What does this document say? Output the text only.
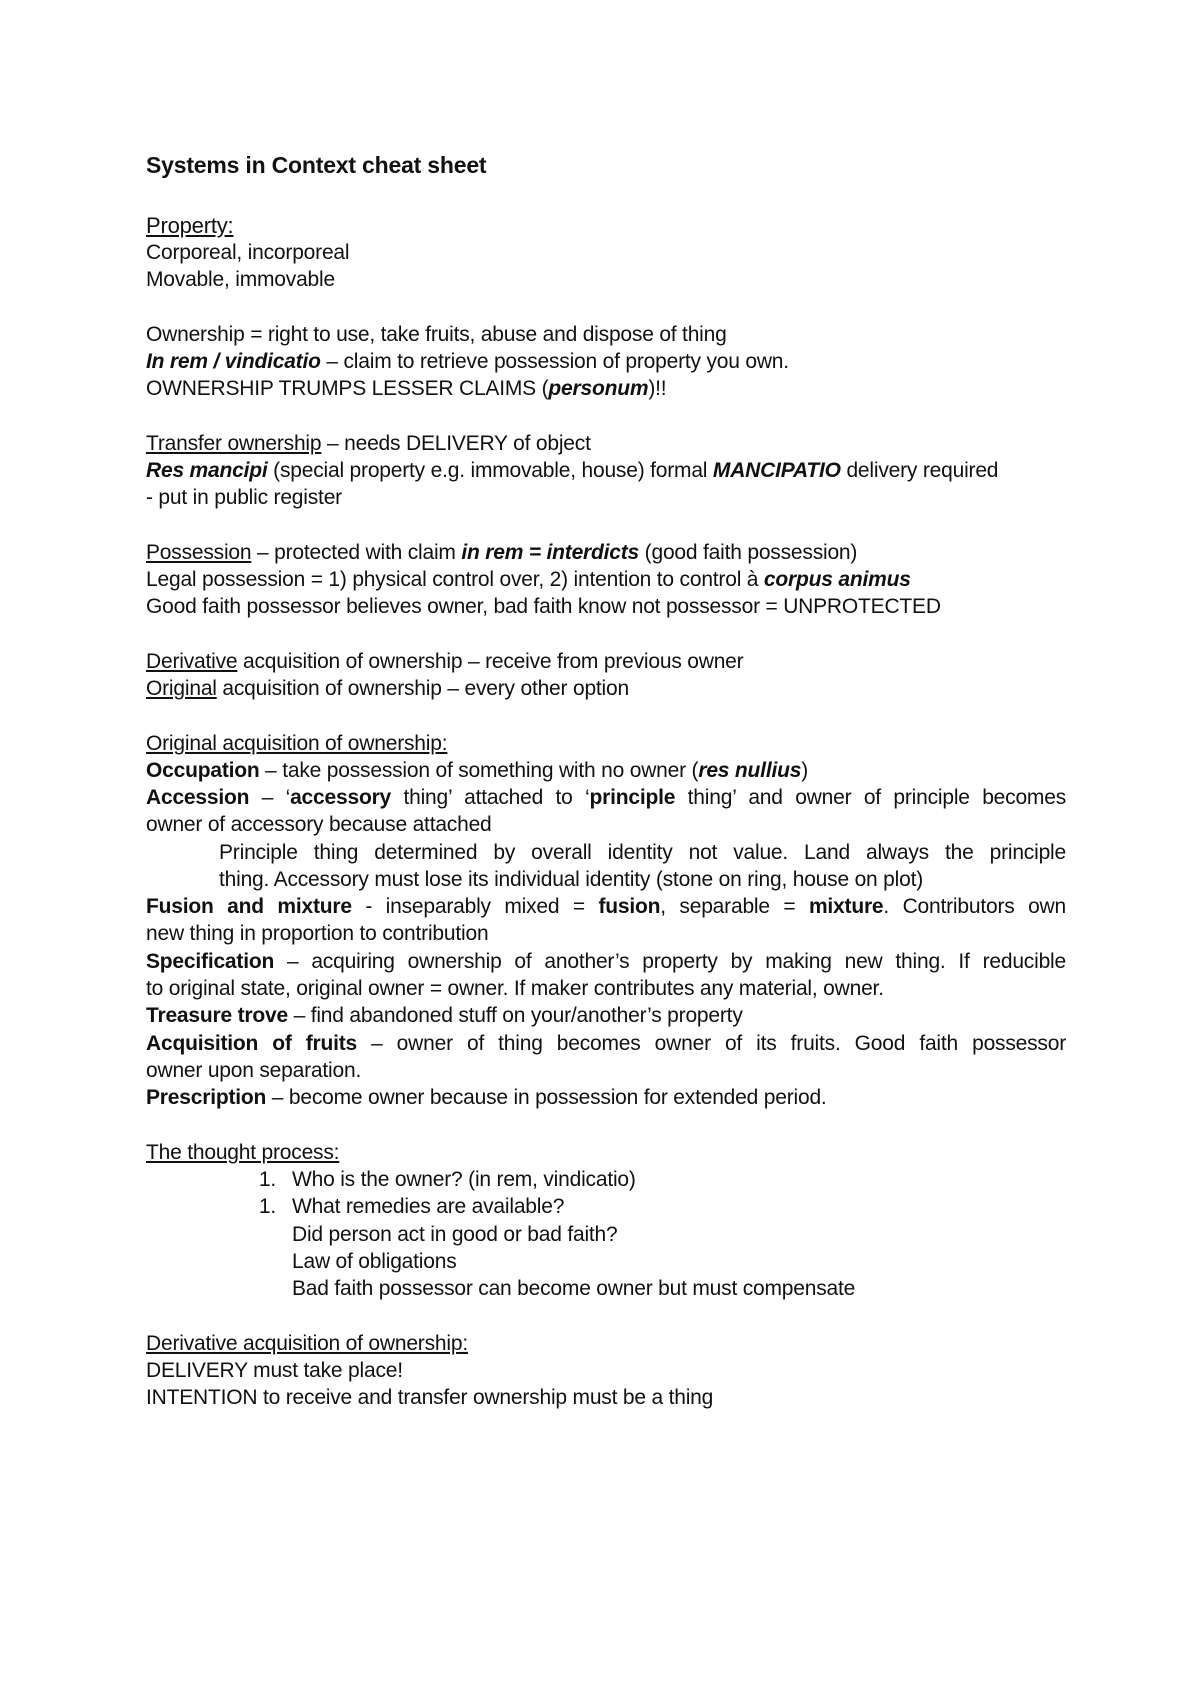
Systems in Context cheat sheet
Property:
Corporeal, incorporeal
Movable, immovable
Ownership = right to use, take fruits, abuse and dispose of thing
In rem / vindicatio – claim to retrieve possession of property you own.
OWNERSHIP TRUMPS LESSER CLAIMS (personum)!!
Transfer ownership – needs DELIVERY of object
Res mancipi (special property e.g. immovable, house) formal MANCIPATIO delivery required
- put in public register
Possession – protected with claim in rem = interdicts (good faith possession)
Legal possession = 1) physical control over, 2) intention to control à corpus animus
Good faith possessor believes owner, bad faith know not possessor = UNPROTECTED
Derivative acquisition of ownership – receive from previous owner
Original acquisition of ownership – every other option
Original acquisition of ownership:
Occupation – take possession of something with no owner (res nullius)
Accession – ‘accessory thing’ attached to ‘principle thing’ and owner of principle becomes
owner of accessory because attached
Principle thing determined by overall identity not value. Land always the principle
thing. Accessory must lose its individual identity (stone on ring, house on plot)
Fusion and mixture - inseparably mixed = fusion, separable = mixture. Contributors own
new thing in proportion to contribution
Specification – acquiring ownership of another’s property by making new thing. If reducible
to original state, original owner = owner. If maker contributes any material, owner.
Treasure trove – find abandoned stuff on your/another’s property
Acquisition of fruits – owner of thing becomes owner of its fruits. Good faith possessor
owner upon separation.
Prescription – become owner because in possession for extended period.
The thought process:
1. Who is the owner? (in rem, vindicatio)
1. What remedies are available?
Did person act in good or bad faith?
Law of obligations
Bad faith possessor can become owner but must compensate
Derivative acquisition of ownership:
DELIVERY must take place!
INTENTION to receive and transfer ownership must be a thing
